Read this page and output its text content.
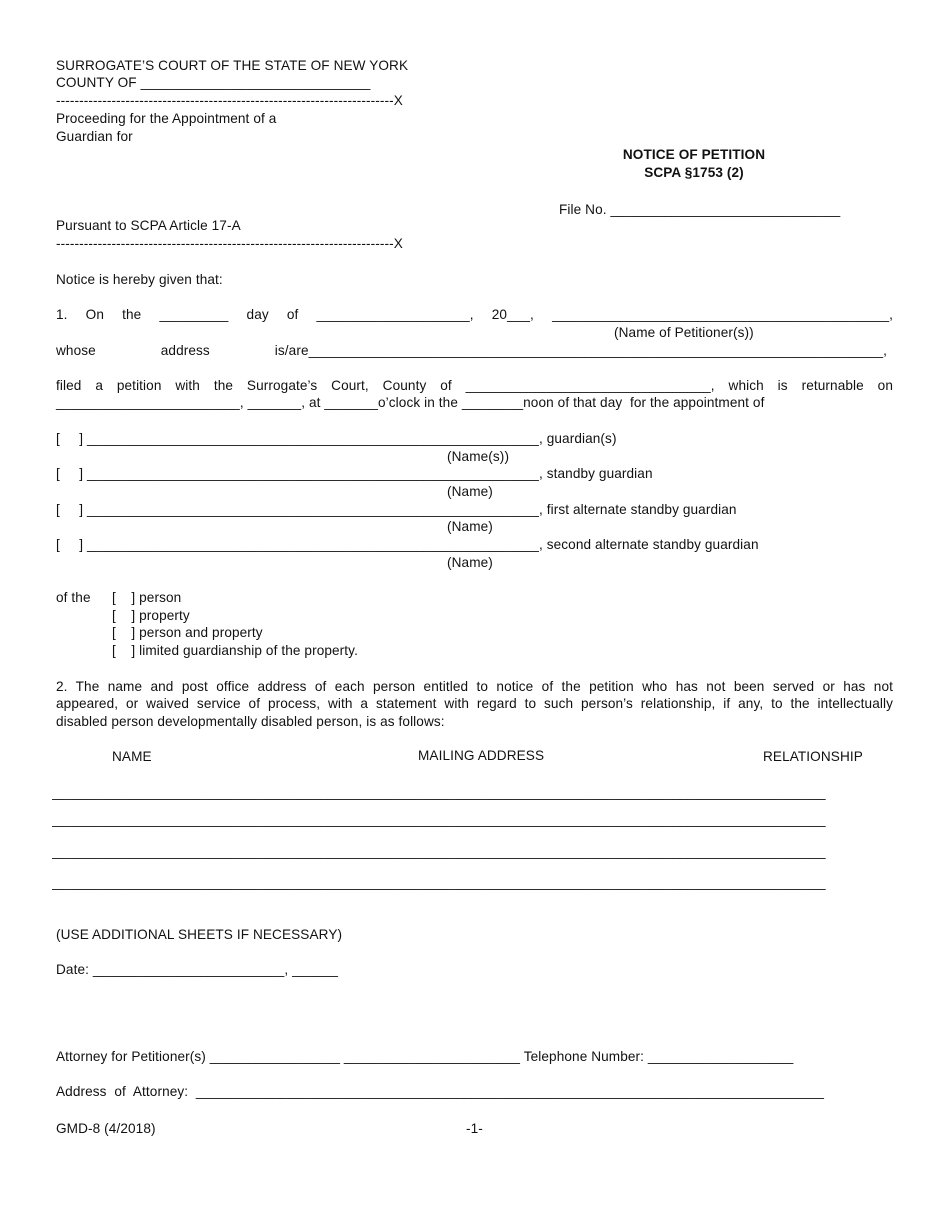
SURROGATE’S COURT OF THE STATE OF NEW YORK
COUNTY OF ______________________________
-------------------------------------------------------------------------X
Proceeding for the Appointment of a
Guardian for
Pursuant to SCPA Article 17-A
-------------------------------------------------------------------------X
NOTICE OF PETITION
SCPA §1753 (2)
File No. ______________________________
Notice is hereby given that:
1. On the _________ day of ____________________, 20___, ____________________________________________,
(Name of Petitioner(s))
whose address is/are___________________________________________________________________________,
filed a petition with the Surrogate’s Court, County of ________________________________, which is returnable on
________________________, _______, at _______o’clock in the ________noon of that day  for the appointment of
[     ] ___________________________________________________________, guardian(s)
(Name(s))
[     ] ___________________________________________________________, standby guardian
(Name)
[     ] ___________________________________________________________, first alternate standby guardian
(Name)
[     ] ___________________________________________________________, second alternate standby guardian
(Name)
of the [    ] person
[    ] property
[    ] person and property
[    ] limited guardianship of the property.
2. The name and post office address of each person entitled to notice of the petition who has not been served or has not
appeared, or waived service of process, with a statement with regard to such person’s relationship, if any, to the intellectually
disabled person developmentally disabled person, is as follows:
NAME	MAILING ADDRESS	RELATIONSHIP
_____________________________________________________________________________________________________
_____________________________________________________________________________________________________
_____________________________________________________________________________________________________
_____________________________________________________________________________________________________
(USE ADDITIONAL SHEETS IF NECESSARY)
Date: _________________________, ______
Attorney for Petitioner(s) _________________ _______________________ Telephone Number: ___________________
Address  of  Attorney:  __________________________________________________________________________________
GMD-8 (4/2018)	-1-
